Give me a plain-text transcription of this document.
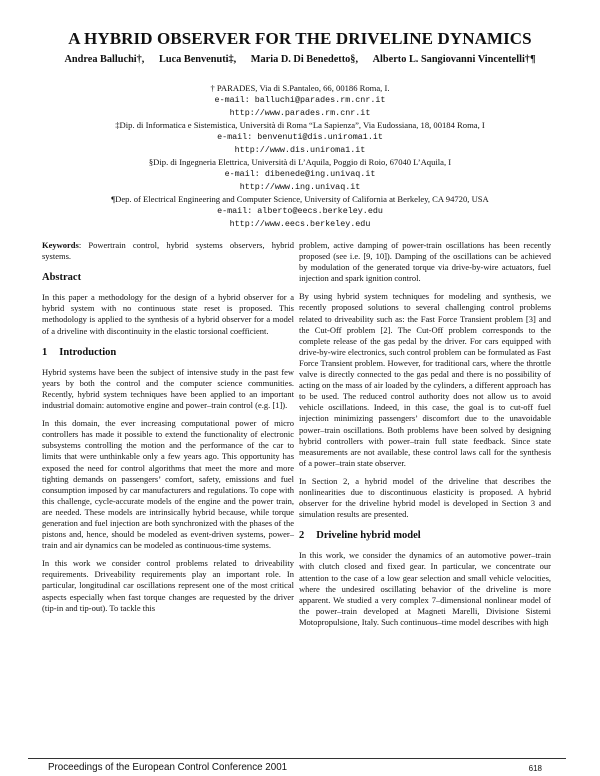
A HYBRID OBSERVER FOR THE DRIVELINE DYNAMICS
Andrea Balluchi†, Luca Benvenuti‡, Maria D. Di Benedetto§, Alberto L. Sangiovanni Vincentelli†¶
† PARADES, Via di S.Pantaleo, 66, 00186 Roma, I.
e-mail: balluchi@parades.rm.cnr.it
http://www.parades.rm.cnr.it
‡Dip. di Informatica e Sistemistica, Università di Roma “La Sapienza”, Via Eudossiana, 18, 00184 Roma, I
e-mail: benvenuti@dis.uniroma1.it
http://www.dis.uniroma1.it
§Dip. di Ingegneria Elettrica, Università di L’Aquila, Poggio di Roio, 67040 L’Aquila, I
e-mail: dibenede@ing.univaq.it
http://www.ing.univaq.it
¶Dep. of Electrical Engineering and Computer Science, University of California at Berkeley, CA 94720, USA
e-mail: alberto@eecs.berkeley.edu
http://www.eecs.berkeley.edu

Keywords: Powertrain control, hybrid systems observers, hybrid systems.

Abstract

In this paper a methodology for the design of a hybrid observer for a hybrid system with no continuous state reset is proposed. This methodology is applied to the synthesis of a hybrid observer for a model of a driveline with discontinuity in the elastic torsional coefficient.

1 Introduction

Hybrid systems have been the subject of intensive study in the past few years by both the control and the computer science communities. Recently, hybrid system techniques have been applied to an important industrial domain: automotive engine and power–train control (e.g. [1]).

In this domain, the ever increasing computational power of micro controllers has made it possible to extend the functionality of electronic subsystems controlling the motion and the performance of the car to limits that were unthinkable only a few years ago. This opportunity has exposed the need for control algorithms that meet the more and more tighting demands on passengers’ comfort, safety, emissions and fuel consumption imposed by car manufacturers and regulations. To cope with this challenge, cycle-accurate models of the engine and the power train, are needed. These models are intrinsically hybrid because, while torque generation and fuel injection are both synchronized with the phases of the pistons and, hence, should be modeled as event-driven systems, power–train and air dynamics can be modeled as continuous-time systems.

In this work we consider control problems related to driveability requirements. Driveability requirements play an important role. In particular, longitudinal car oscillations represent one of the most critical aspects especially when fast torque changes are requested by the driver (tip-in and tip-out). To tackle this

problem, active damping of power-train oscillations has been recently proposed (see i.e. [9, 10]). Damping of the oscillations can be achieved by modulation of the generated torque via drive-by-wire actuators, fuel injection and spark ignition control.

By using hybrid system techniques for modeling and synthesis, we recently proposed solutions to several challenging control problems related to driveability such as: the Fast Force Transient problem [3] and the Cut-Off problem [2]. The Cut-Off problem corresponds to the complete release of the gas pedal by the driver. For cars equipped with drive-by-wire electronics, such control problem can be formulated as Fast Force Transient problem. However, for traditional cars, where the throttle valve is directly connected to the gas pedal and there is no possibility of acting on the mass of air loaded by the cylinders, a different approach has to be used. The reduced control authority does not allow us to avoid vehicle oscillations. Indeed, in this case, the goal is to cut-off fuel injection minimizing passengers’ discomfort due to the unavoidable power–train oscillations. Both problems have been solved by designing hybrid controllers with power–train full state feedback. Since state measurements are not available, these control laws call for the synthesis of a power–train state observer.

In Section 2, a hybrid model of the driveline that describes the nonlinearities due to discontinuous elasticity is proposed. A hybrid observer for the driveline hybrid model is developed in Section 3 and simulation results are presented.

2 Driveline hybrid model

In this work, we consider the dynamics of an automotive power–train with clutch closed and fixed gear. In particular, we concentrate our attention to the case of a low gear selection and small vehicle velocities, where the undesired oscillating behavior of the driveline is more apparent. We studied a very complex 7–dimensional nonlinear model of the power–train developed at Magneti Marelli, Divisione Sistemi Motopropulsione, Italy. Such continuous–time model describes with high

Proceedings of the European Control Conference 2001	618
